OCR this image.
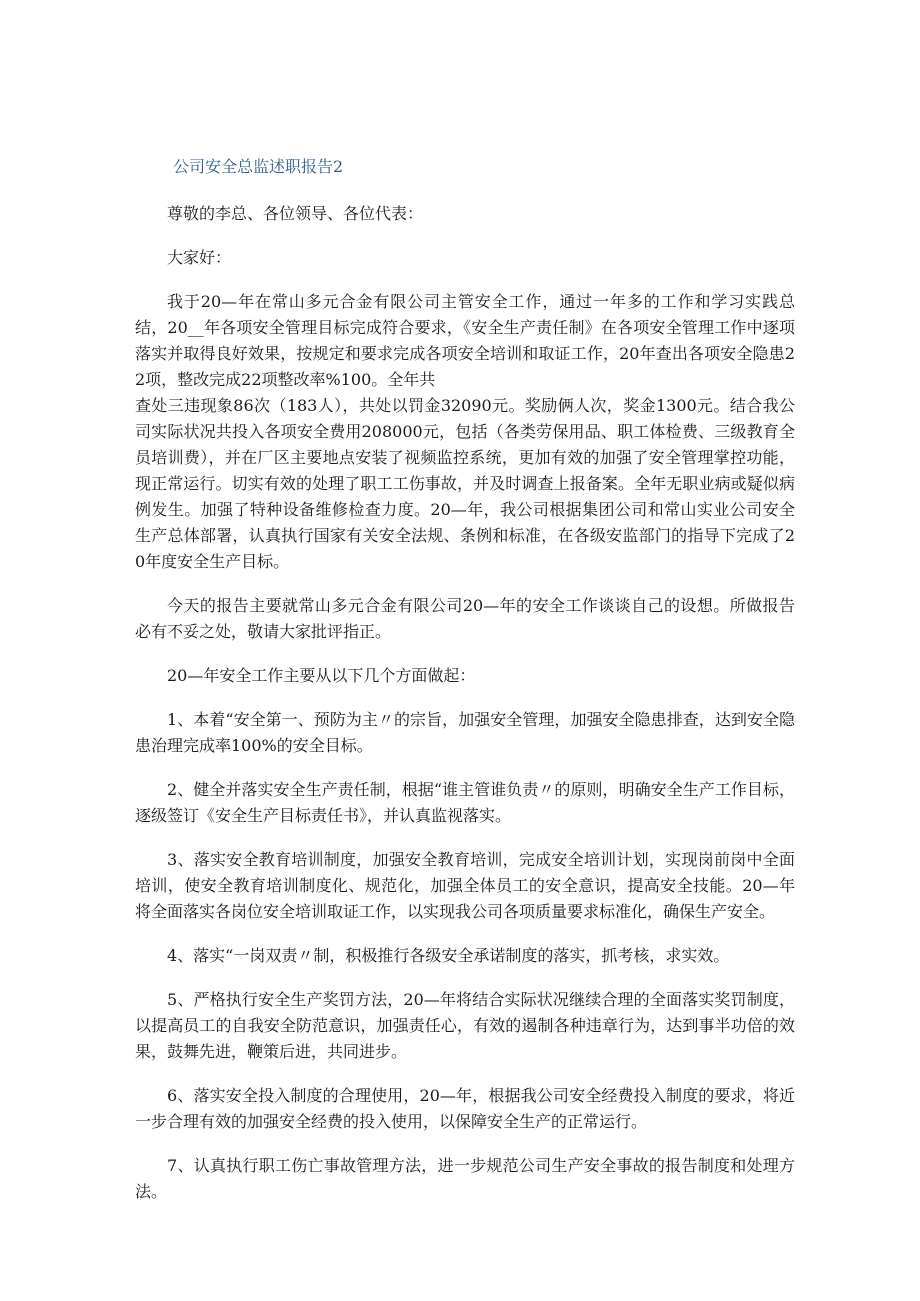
公司安全总监述职报告2

尊敬的李总、各位领导、各位代表：

大家好：

我于20—年在常山多元合金有限公司主管安全工作，通过一年多的工作和学习实践总结，20__年各项安全管理目标完成符合要求，《安全生产责任制》在各项安全管理工作中逐项落实并取得良好效果，按规定和要求完成各项安全培训和取证工作，20年查出各项安全隐患22项，整改完成22项整改率%100。全年共
查处三违现象86次（183人），共处以罚金32090元。奖励俩人次，奖金1300元。结合我公司实际状况共投入各项安全费用208000元，包括（各类劳保用品、职工体检费、三级教育全员培训费），并在厂区主要地点安装了视频监控系统，更加有效的加强了安全管理掌控功能，现正常运行。切实有效的处理了职工工伤事故，并及时调查上报备案。全年无职业病或疑似病例发生。加强了特种设备维修检查力度。20—年，我公司根据集团公司和常山实业公司安全生产总体部署，认真执行国家有关安全法规、条例和标准，在各级安监部门的指导下完成了20年度安全生产目标。

今天的报告主要就常山多元合金有限公司20—年的安全工作谈谈自己的设想。所做报告必有不妥之处，敬请大家批评指正。

20—年安全工作主要从以下几个方面做起：

1、本着“安全第一、预防为主〃的宗旨，加强安全管理，加强安全隐患排查，达到安全隐患治理完成率100%的安全目标。

2、健全并落实安全生产责任制，根据“谁主管谁负责〃的原则，明确安全生产工作目标，逐级签订《安全生产目标责任书》，并认真监视落实。

3、落实安全教育培训制度，加强安全教育培训，完成安全培训计划，实现岗前岗中全面培训，使安全教育培训制度化、规范化，加强全体员工的安全意识，提高安全技能。20—年将全面落实各岗位安全培训取证工作，以实现我公司各项质量要求标准化，确保生产安全。

4、落实“一岗双责〃制，积极推行各级安全承诺制度的落实，抓考核，求实效。

5、严格执行安全生产奖罚方法，20—年将结合实际状况继续合理的全面落实奖罚制度，以提高员工的自我安全防范意识，加强责任心，有效的遏制各种违章行为，达到事半功倍的效果，鼓舞先进，鞭策后进，共同进步。

6、落实安全投入制度的合理使用，20—年，根据我公司安全经费投入制度的要求，将近一步合理有效的加强安全经费的投入使用，以保障安全生产的正常运行。

7、认真执行职工伤亡事故管理方法，进一步规范公司生产安全事故的报告制度和处理方法。
